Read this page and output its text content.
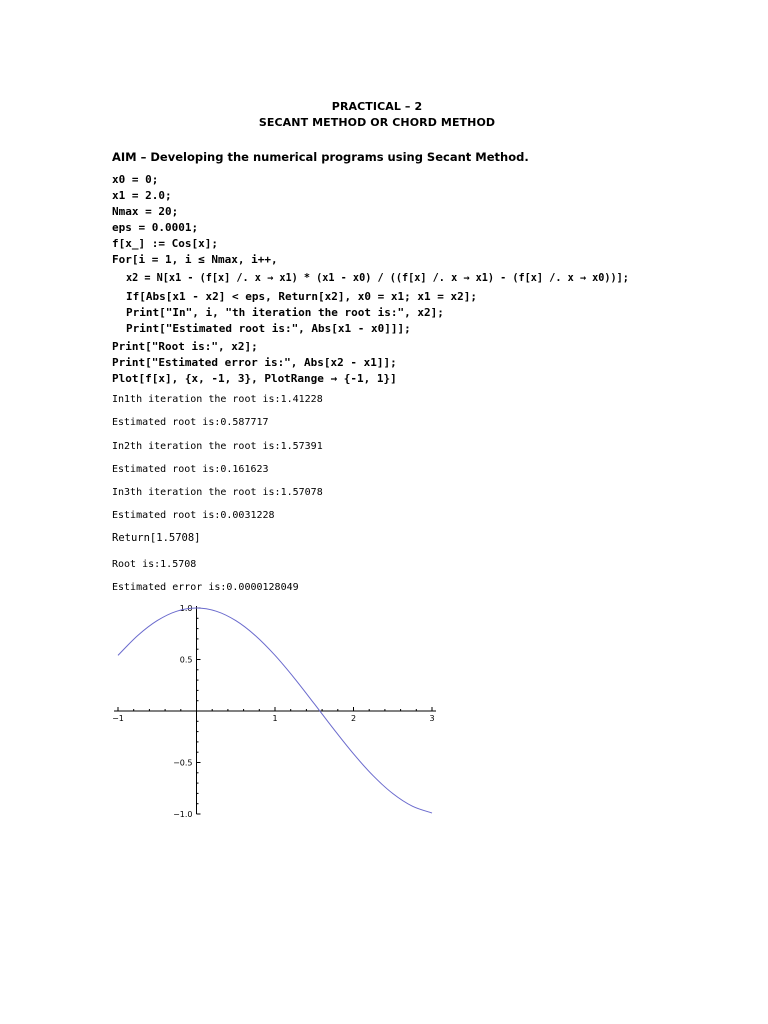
PRACTICAL – 2
SECANT METHOD OR CHORD METHOD
AIM – Developing the numerical programs using Secant Method.
x0 = 0;
x1 = 2.0;
Nmax = 20;
eps = 0.0001;
f[x_] := Cos[x];
For[i = 1, i ≤ Nmax, i++,
x2 = N[x1 - (f[x] /. x → x1) * (x1 - x0) / ((f[x] /. x → x1) - (f[x] /. x → x0))];
If[Abs[x1 - x2] < eps, Return[x2], x0 = x1; x1 = x2];
Print["In", i, "th iteration the root is:", x2];
Print["Estimated root is:", Abs[x1 - x0]]];
Print["Root is:", x2];
Print["Estimated error is:", Abs[x2 - x1]];
Plot[f[x], {x, -1, 3}, PlotRange → {-1, 1}]
In1th iteration the root is:1.41228
Estimated root is:0.587717
In2th iteration the root is:1.57391
Estimated root is:0.161623
In3th iteration the root is:1.57078
Estimated root is:0.0031228
Return[1.5708]
Root is:1.5708
Estimated error is:0.0000128049
−1	1	2	3
1.0
0.5
−0.5
−1.0
